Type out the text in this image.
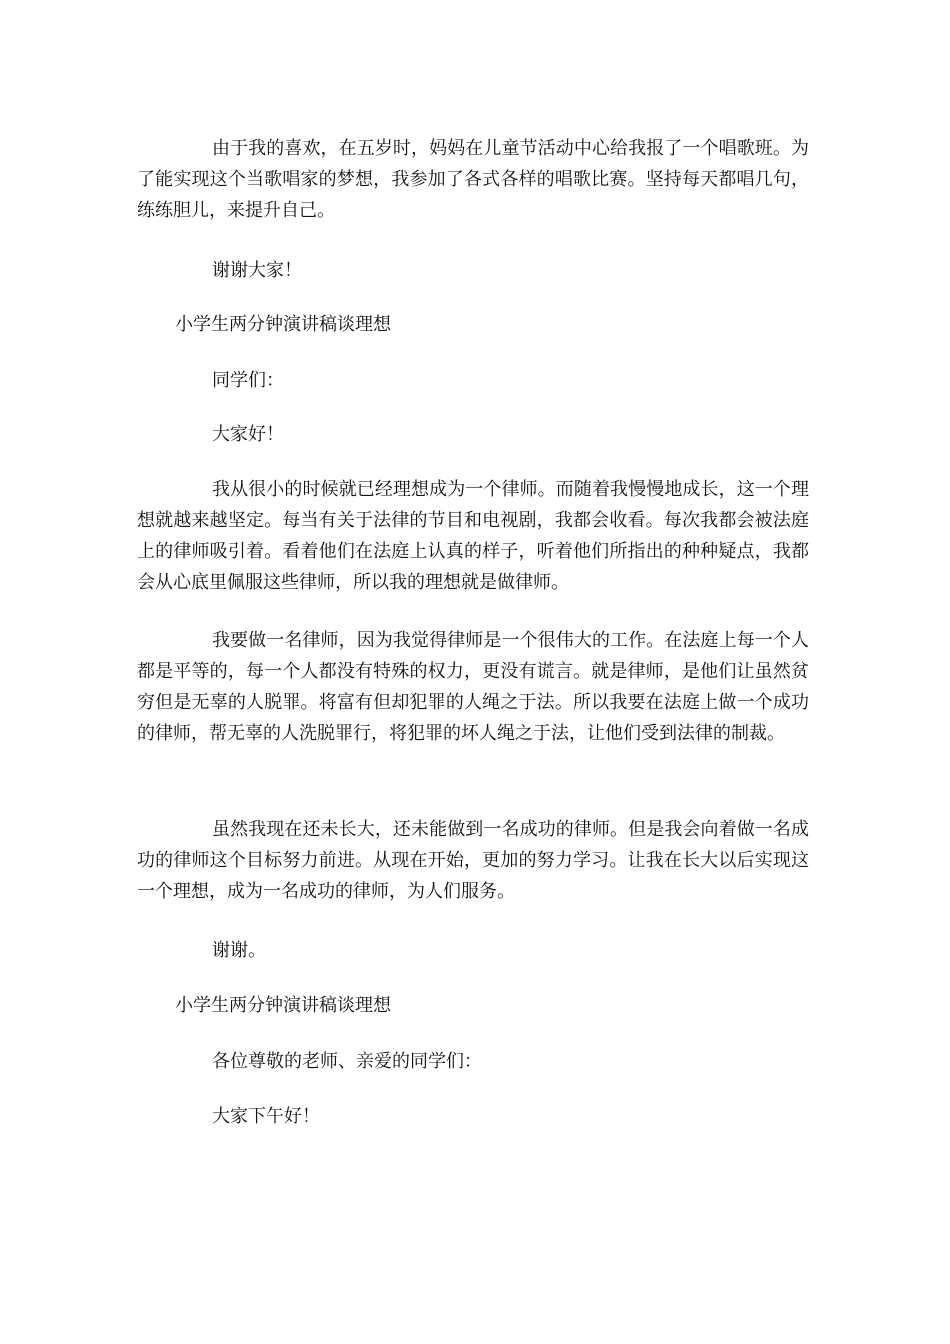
由于我的喜欢，在五岁时，妈妈在儿童节活动中心给我报了一个唱歌班。为了能实现这个当歌唱家的梦想，我参加了各式各样的唱歌比赛。坚持每天都唱几句，练练胆儿，来提升自己。

谢谢大家！

小学生两分钟演讲稿谈理想

同学们：

大家好！

我从很小的时候就已经理想成为一个律师。而随着我慢慢地成长，这一个理想就越来越坚定。每当有关于法律的节目和电视剧，我都会收看。每次我都会被法庭上的律师吸引着。看着他们在法庭上认真的样子，听着他们所指出的种种疑点，我都会从心底里佩服这些律师，所以我的理想就是做律师。

我要做一名律师，因为我觉得律师是一个很伟大的工作。在法庭上每一个人都是平等的，每一个人都没有特殊的权力，更没有谎言。就是律师，是他们让虽然贫穷但是无辜的人脱罪。将富有但却犯罪的人绳之于法。所以我要在法庭上做一个成功的律师，帮无辜的人洗脱罪行，将犯罪的坏人绳之于法，让他们受到法律的制裁。

虽然我现在还未长大，还未能做到一名成功的律师。但是我会向着做一名成功的律师这个目标努力前进。从现在开始，更加的努力学习。让我在长大以后实现这一个理想，成为一名成功的律师，为人们服务。

谢谢。

小学生两分钟演讲稿谈理想

各位尊敬的老师、亲爱的同学们：

大家下午好！
